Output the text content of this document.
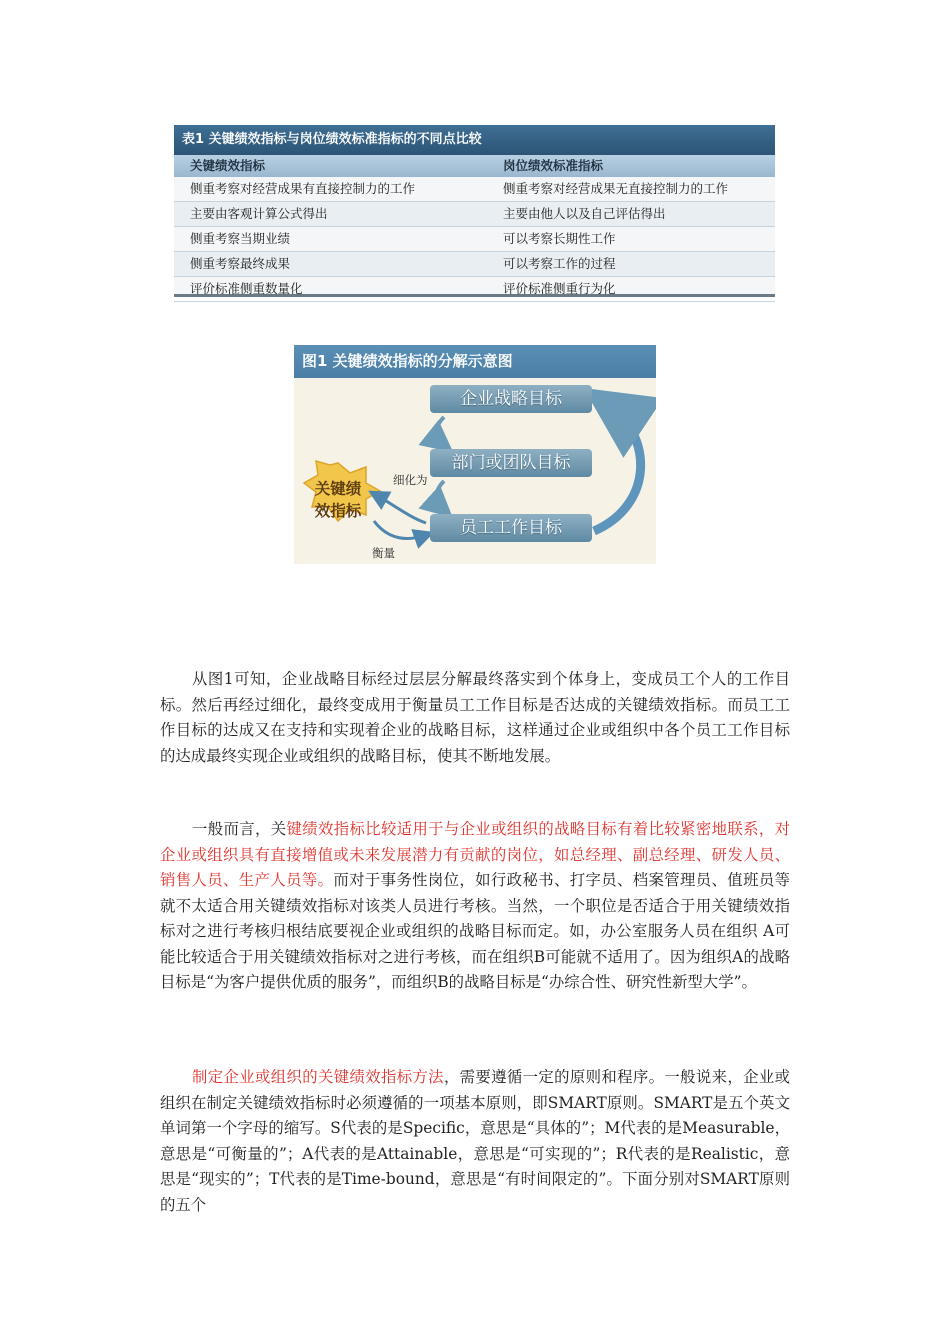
表1 关键绩效指标与岗位绩效标准指标的不同点比较
关键绩效指标	岗位绩效标准指标
侧重考察对经营成果有直接控制力的工作	侧重考察对经营成果无直接控制力的工作
主要由客观计算公式得出	主要由他人以及自己评估得出
侧重考察当期业绩	可以考察长期性工作
侧重考察最终成果	可以考察工作的过程
评价标准侧重数量化	评价标准侧重行为化
图1 关键绩效指标的分解示意图
企业战略目标
部门或团队目标
员工工作目标
关键绩
效指标
细化为
衡量

从图1可知，企业战略目标经过层层分解最终落实到个体身上，变成员工个人的工作目标。然后再经过细化，最终变成用于衡量员工工作目标是否达成的关键绩效指标。而员工工作目标的达成又在支持和实现着企业的战略目标，这样通过企业或组织中各个员工工作目标的达成最终实现企业或组织的战略目标，使其不断地发展。

一般而言，关键绩效指标比较适用于与企业或组织的战略目标有着比较紧密地联系，对企业或组织具有直接增值或未来发展潜力有贡献的岗位，如总经理、副总经理、研发人员、销售人员、生产人员等。而对于事务性岗位，如行政秘书、打字员、档案管理员、值班员等就不太适合用关键绩效指标对该类人员进行考核。当然，一个职位是否适合于用关键绩效指标对之进行考核归根结底要视企业或组织的战略目标而定。如，办公室服务人员在组织 A可能比较适合于用关键绩效指标对之进行考核，而在组织B可能就不适用了。因为组织A的战略目标是“为客户提供优质的服务”，而组织B的战略目标是“办综合性、研究性新型大学”。

制定企业或组织的关键绩效指标方法，需要遵循一定的原则和程序。一般说来，企业或组织在制定关键绩效指标时必须遵循的一项基本原则，即SMART原则。SMART是五个英文单词第一个字母的缩写。S代表的是Specific，意思是“具体的”；M代表的是Measurable，意思是“可衡量的”；A代表的是Attainable，意思是“可实现的”；R代表的是Realistic，意思是“现实的”；T代表的是Time-bound，意思是“有时间限定的”。下面分别对SMART原则的五个
